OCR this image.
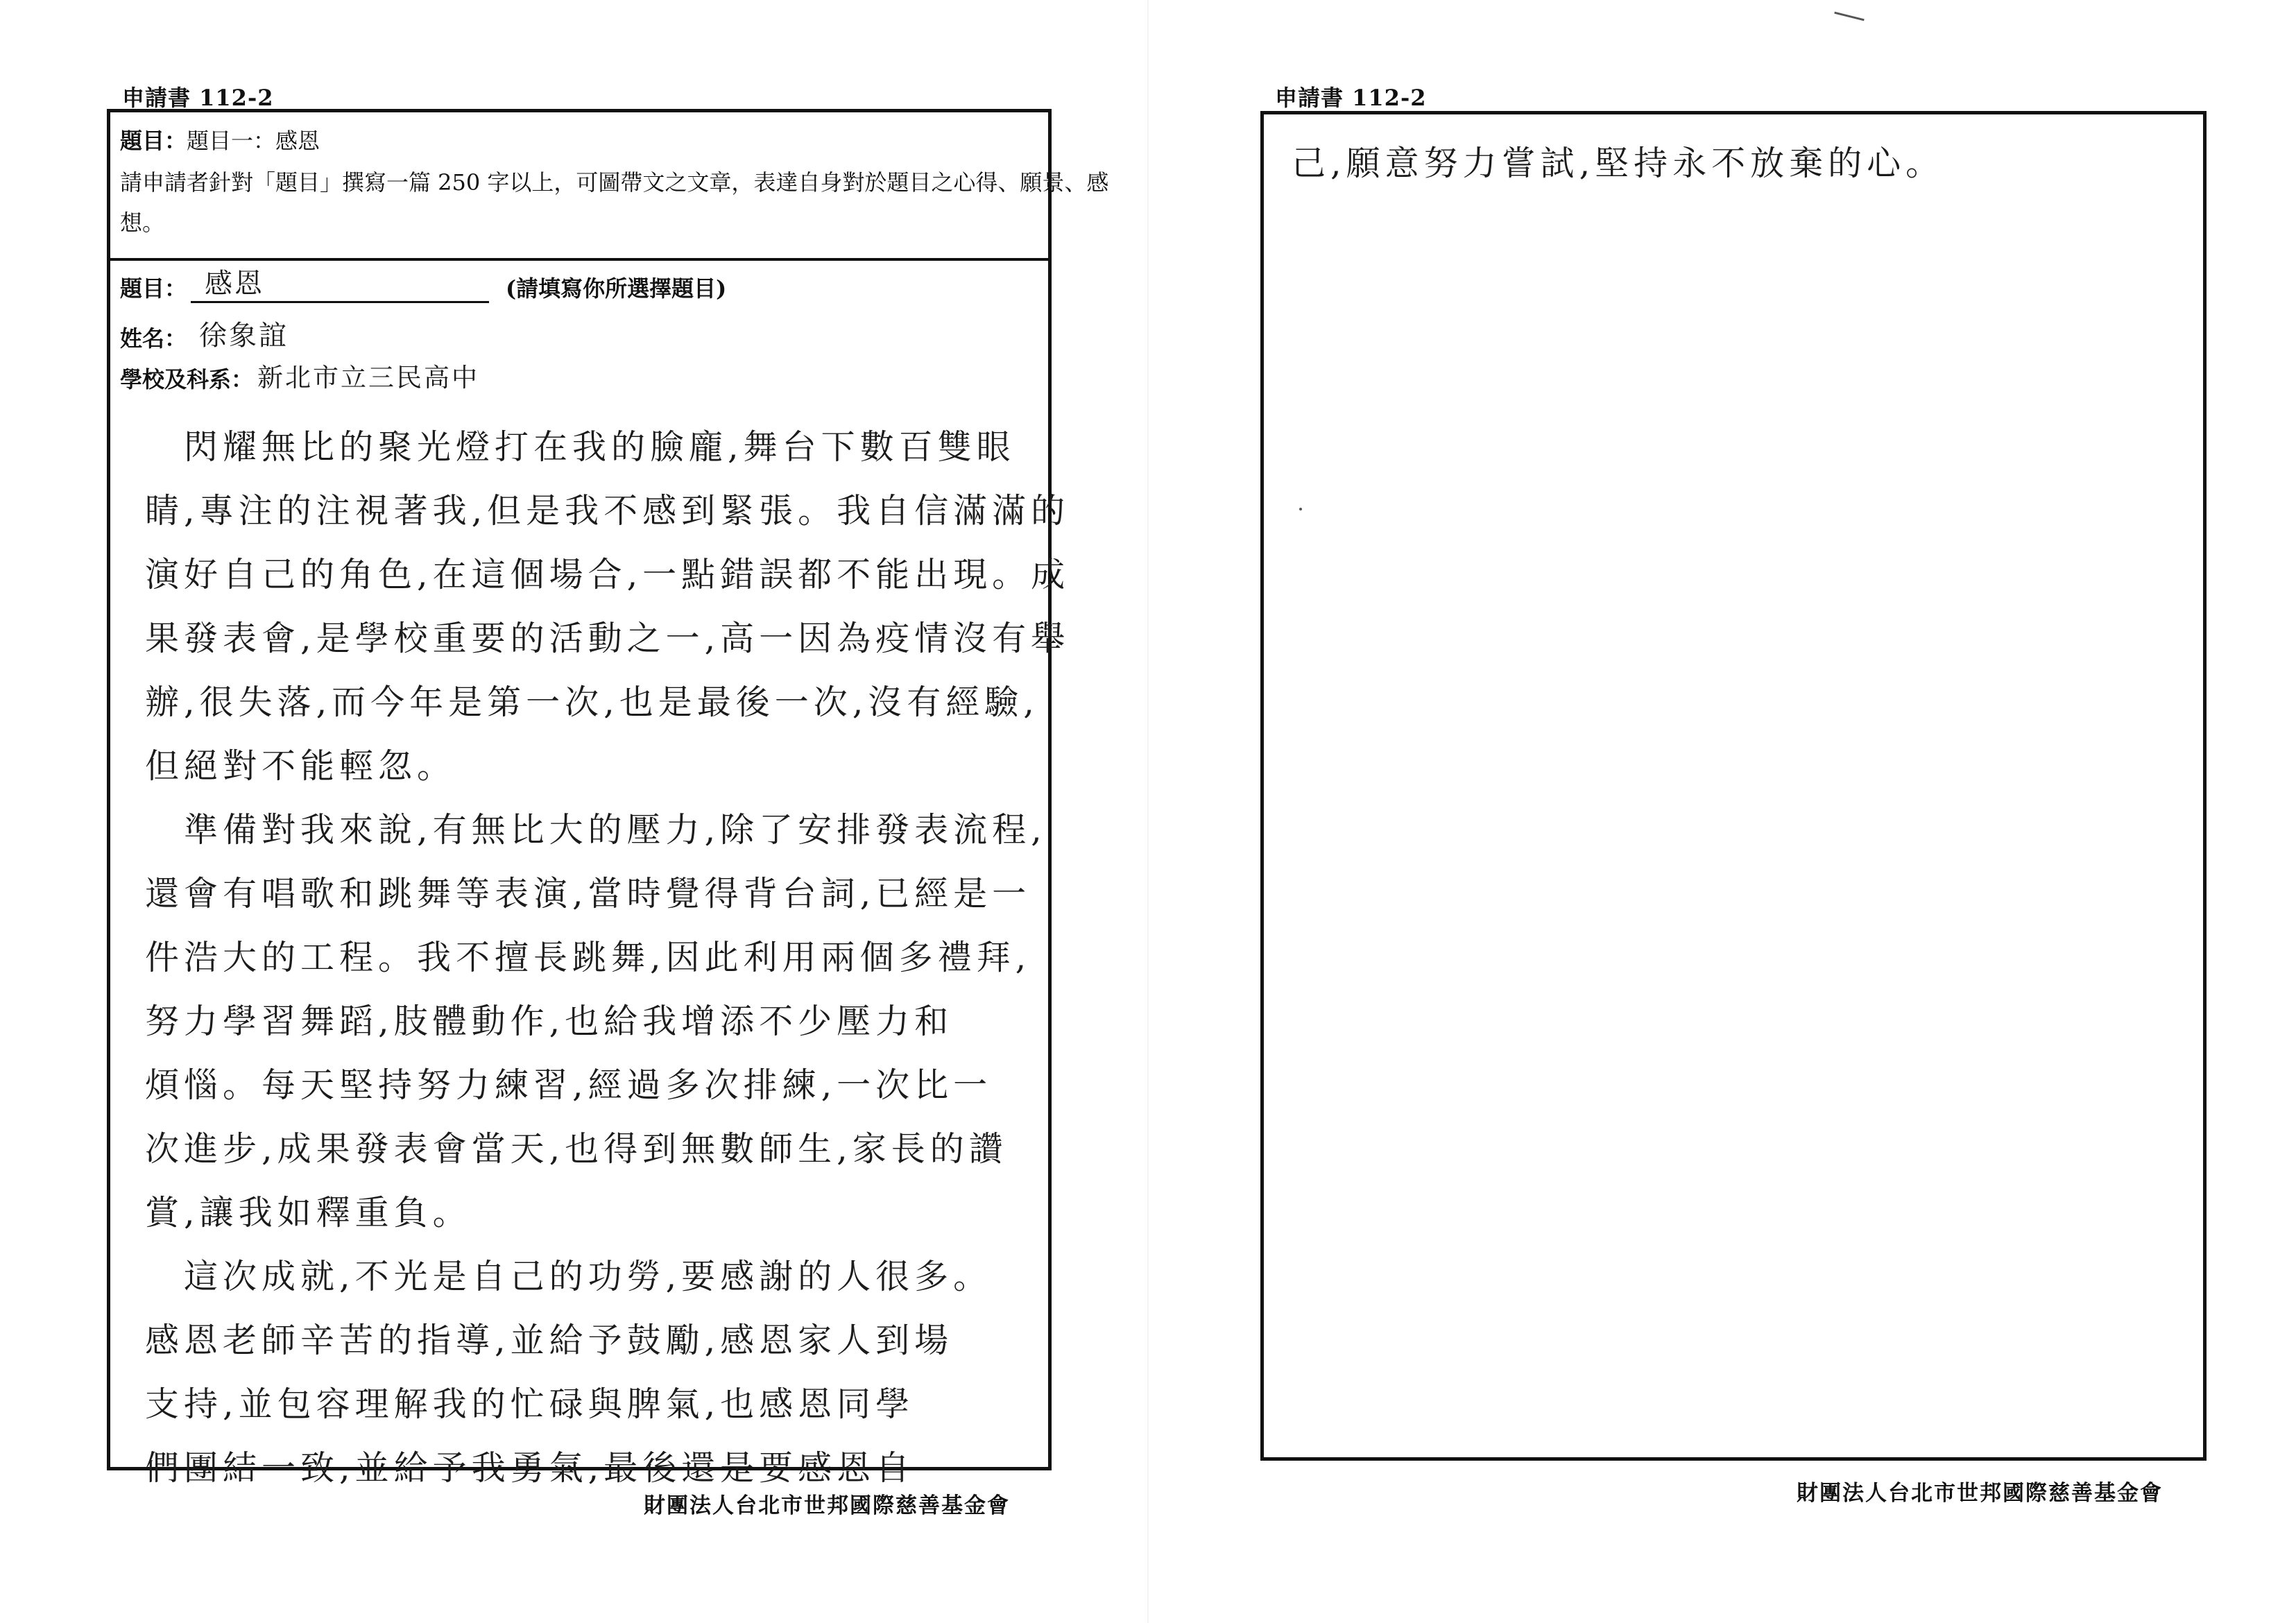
申請書 112-2
題目：題目一：感恩
請申請者針對「題目」撰寫一篇 250 字以上，可圖帶文之文章，表達自身對於題目之心得、願景、感想。
題目： 感恩	(請填寫你所選擇題目)
姓名： 徐象誼
學校及科系： 新北市立三民高中
　閃耀無比的聚光燈打在我的臉龐,舞台下數百雙眼
睛,專注的注視著我,但是我不感到緊張。我自信滿滿的
演好自己的角色,在這個場合,一點錯誤都不能出現。成
果發表會,是學校重要的活動之一,高一因為疫情沒有舉
辦,很失落,而今年是第一次,也是最後一次,沒有經驗,
但絕對不能輕忽。
　準備對我來說,有無比大的壓力,除了安排發表流程,
還會有唱歌和跳舞等表演,當時覺得背台詞,已經是一
件浩大的工程。我不擅長跳舞,因此利用兩個多禮拜,
努力學習舞蹈,肢體動作,也給我增添不少壓力和
煩惱。每天堅持努力練習,經過多次排練,一次比一
次進步,成果發表會當天,也得到無數師生,家長的讚
賞,讓我如釋重負。
　這次成就,不光是自己的功勞,要感謝的人很多。
感恩老師辛苦的指導,並給予鼓勵,感恩家人到場
支持,並包容理解我的忙碌與脾氣,也感恩同學
們團結一致,並給予我勇氣,最後還是要感恩自
財團法人台北市世邦國際慈善基金會
申請書 112-2
己,願意努力嘗試,堅持永不放棄的心。
財團法人台北市世邦國際慈善基金會
